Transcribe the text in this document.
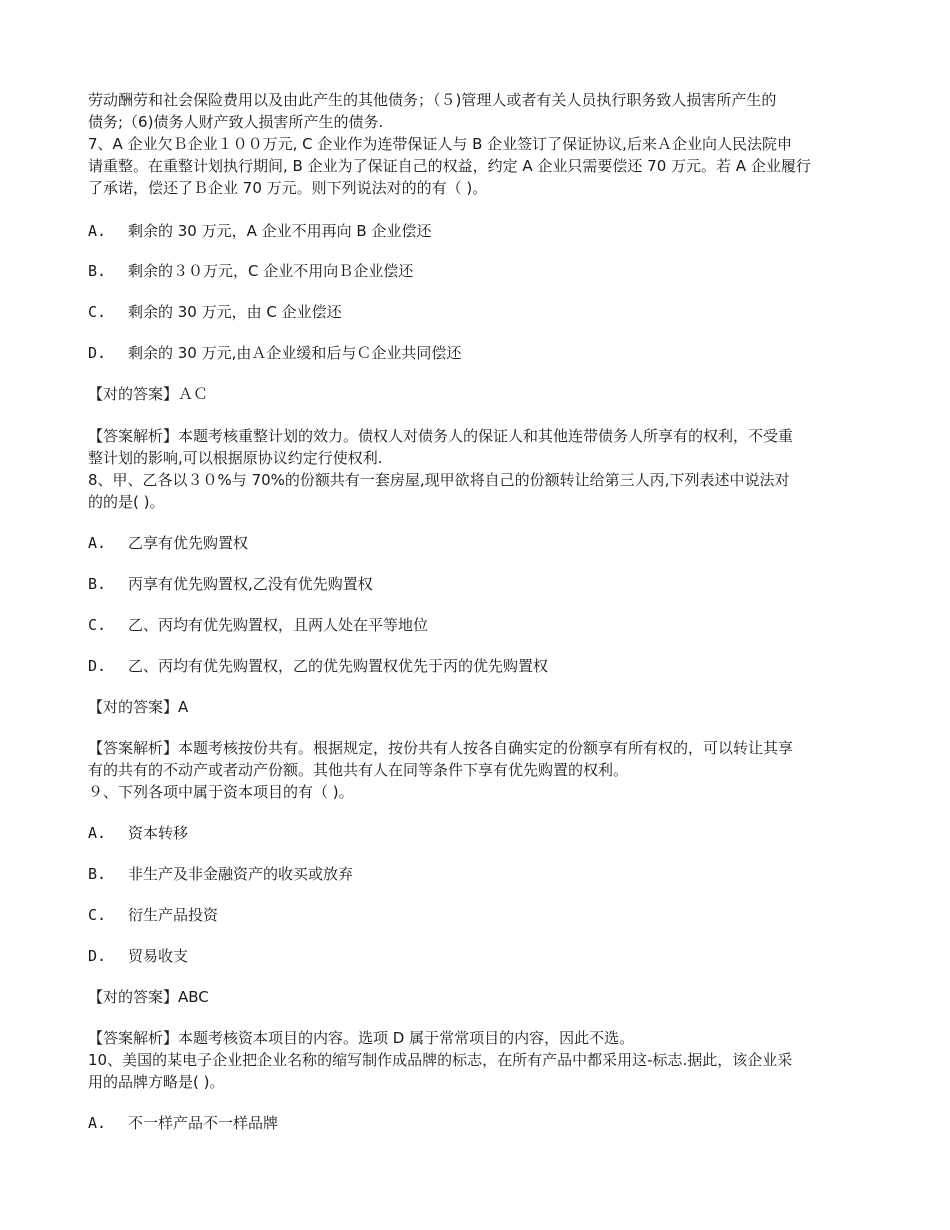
劳动酬劳和社会保险费用以及由此产生的其他债务；（５)管理人或者有关人员执行职务致人损害所产生的
债务;（6)债务人财产致人损害所产生的债务.
7、A 企业欠Ｂ企业１００万元, C 企业作为连带保证人与 B 企业签订了保证协议,后来Ａ企业向人民法院申
请重整。在重整计划执行期间, B 企业为了保证自己的权益，约定 A 企业只需要偿还 70 万元。若 A 企业履行
了承诺，偿还了Ｂ企业 70 万元。则下列说法对的的有（ )。
A. 剩余的 30 万元，A 企业不用再向 B 企业偿还
B. 剩余的３０万元，C 企业不用向Ｂ企业偿还
C. 剩余的 30 万元，由 C 企业偿还
D. 剩余的 30 万元,由Ａ企业缓和后与Ｃ企业共同偿还
【对的答案】ＡＣ
【答案解析】本题考核重整计划的效力。债权人对债务人的保证人和其他连带债务人所享有的权利，不受重
整计划的影响,可以根据原协议约定行使权利.
8、甲、乙各以３０%与 70%的份额共有一套房屋,现甲欲将自己的份额转让给第三人丙,下列表述中说法对
的的是( )。
A. 乙享有优先购置权
B. 丙享有优先购置权,乙没有优先购置权
C. 乙、丙均有优先购置权，且两人处在平等地位
D. 乙、丙均有优先购置权，乙的优先购置权优先于丙的优先购置权
【对的答案】A
【答案解析】本题考核按份共有。根据规定，按份共有人按各自确实定的份额享有所有权的，可以转让其享
有的共有的不动产或者动产份额。其他共有人在同等条件下享有优先购置的权利。
９、下列各项中属于资本项目的有（ )。
A. 资本转移
B. 非生产及非金融资产的收买或放弃
C. 衍生产品投资
D. 贸易收支
【对的答案】ABC
【答案解析】本题考核资本项目的内容。选项 D 属于常常项目的内容，因此不选。
10、美国的某电子企业把企业名称的缩写制作成品牌的标志，在所有产品中都采用这-标志.据此，该企业采
用的品牌方略是( )。
A. 不一样产品不一样品牌
